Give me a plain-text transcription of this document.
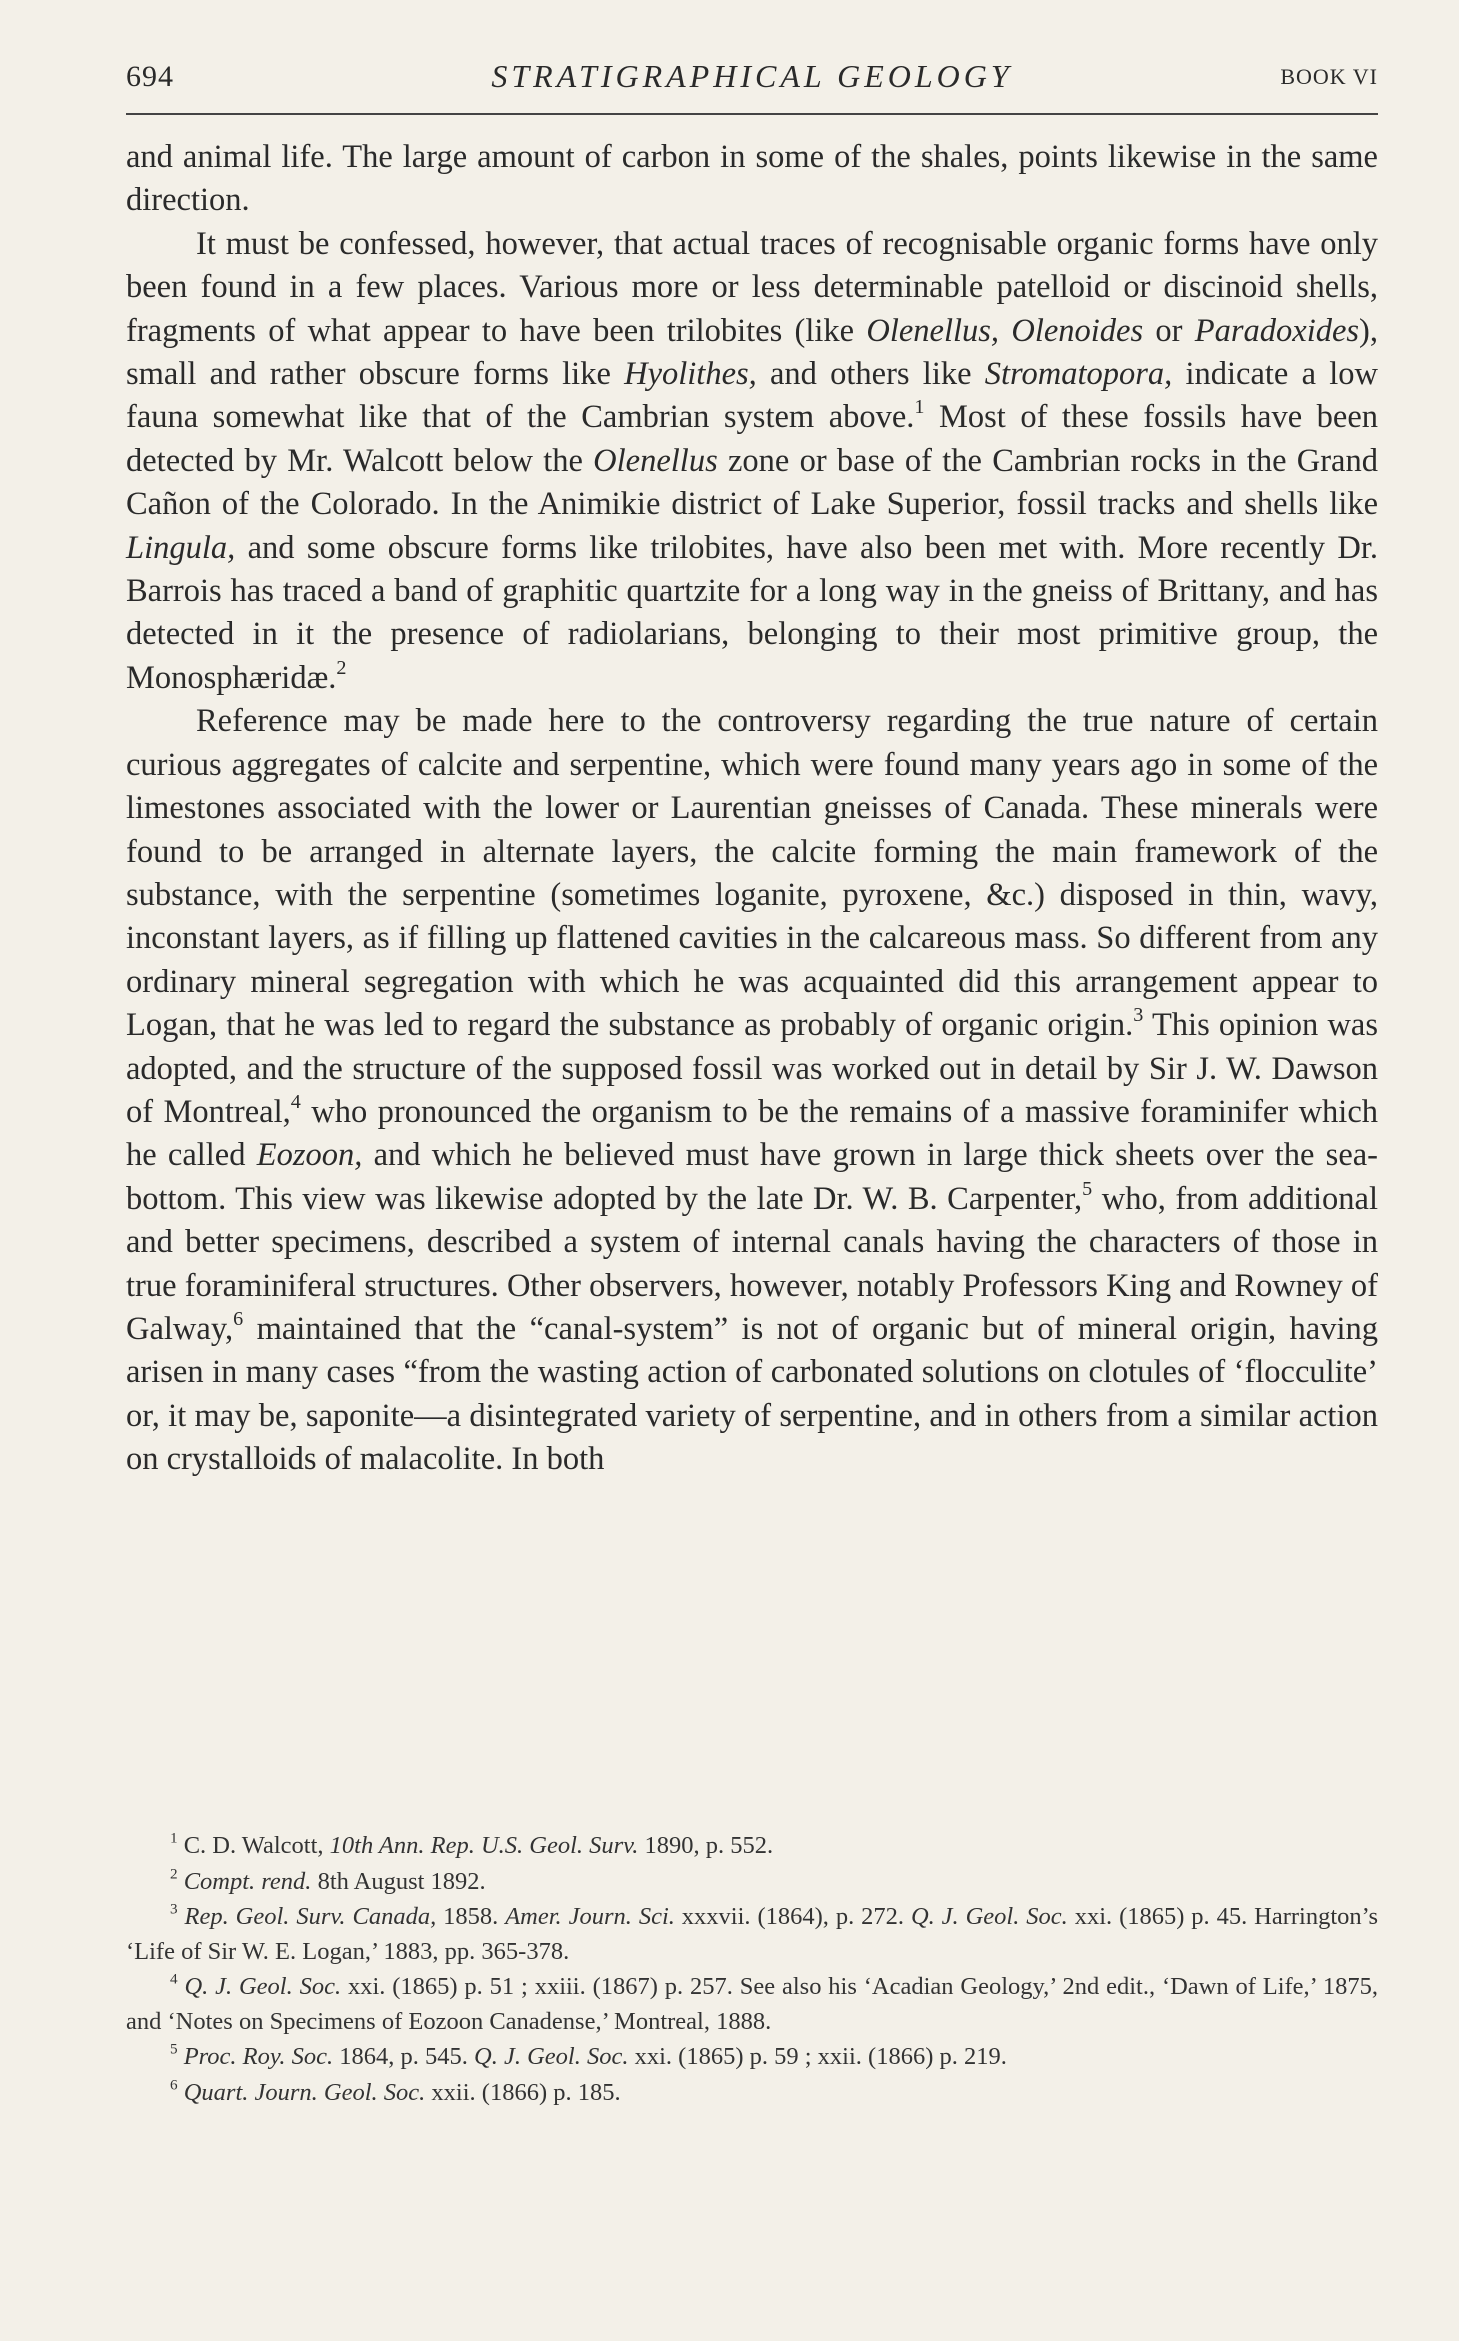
694	STRATIGRAPHICAL GEOLOGY	BOOK VI

and animal life. The large amount of carbon in some of the shales, points likewise in the same direction.

It must be confessed, however, that actual traces of recognisable organic forms have only been found in a few places. Various more or less determinable patelloid or discinoid shells, fragments of what appear to have been trilobites (like Olenellus, Olenoides or Paradoxides), small and rather obscure forms like Hyolithes, and others like Stromatopora, indicate a low fauna somewhat like that of the Cambrian system above.$^1$ Most of these fossils have been detected by Mr. Walcott below the Olenellus zone or base of the Cambrian rocks in the Grand Cañon of the Colorado. In the Animikie district of Lake Superior, fossil tracks and shells like Lingula, and some obscure forms like trilobites, have also been met with. More recently Dr. Barrois has traced a band of graphitic quartzite for a long way in the gneiss of Brittany, and has detected in it the presence of radiolarians, belonging to their most primitive group, the Monosphæridæ.$^2$

Reference may be made here to the controversy regarding the true nature of certain curious aggregates of calcite and serpentine, which were found many years ago in some of the limestones associated with the lower or Laurentian gneisses of Canada. These minerals were found to be arranged in alternate layers, the calcite forming the main framework of the substance, with the serpentine (sometimes loganite, pyroxene, &c.) disposed in thin, wavy, inconstant layers, as if filling up flattened cavities in the calcareous mass. So different from any ordinary mineral segregation with which he was acquainted did this arrangement appear to Logan, that he was led to regard the substance as probably of organic origin.$^3$ This opinion was adopted, and the structure of the supposed fossil was worked out in detail by Sir J. W. Dawson of Montreal,$^4$ who pronounced the organism to be the remains of a massive foraminifer which he called Eozoon, and which he believed must have grown in large thick sheets over the sea-bottom. This view was likewise adopted by the late Dr. W. B. Carpenter,$^5$ who, from additional and better specimens, described a system of internal canals having the characters of those in true foraminiferal structures. Other observers, however, notably Professors King and Rowney of Galway,$^6$ maintained that the “canal-system” is not of organic but of mineral origin, having arisen in many cases “from the wasting action of carbonated solutions on clotules of ‘flocculite’ or, it may be, saponite—a disintegrated variety of serpentine, and in others from a similar action on crystalloids of malacolite. In both

$^1$ C. D. Walcott, 10th Ann. Rep. U.S. Geol. Surv. 1890, p. 552.

$^2$ Compt. rend. 8th August 1892.

$^3$ Rep. Geol. Surv. Canada, 1858. Amer. Journ. Sci. xxxvii. (1864), p. 272. Q. J. Geol. Soc. xxi. (1865) p. 45. Harrington’s ‘Life of Sir W. E. Logan,’ 1883, pp. 365-378.

$^4$ Q. J. Geol. Soc. xxi. (1865) p. 51 ; xxiii. (1867) p. 257. See also his ‘Acadian Geology,’ 2nd edit., ‘Dawn of Life,’ 1875, and ‘Notes on Specimens of Eozoon Canadense,’ Montreal, 1888.

$^5$ Proc. Roy. Soc. 1864, p. 545. Q. J. Geol. Soc. xxi. (1865) p. 59 ; xxii. (1866) p. 219.

$^6$ Quart. Journ. Geol. Soc. xxii. (1866) p. 185.
